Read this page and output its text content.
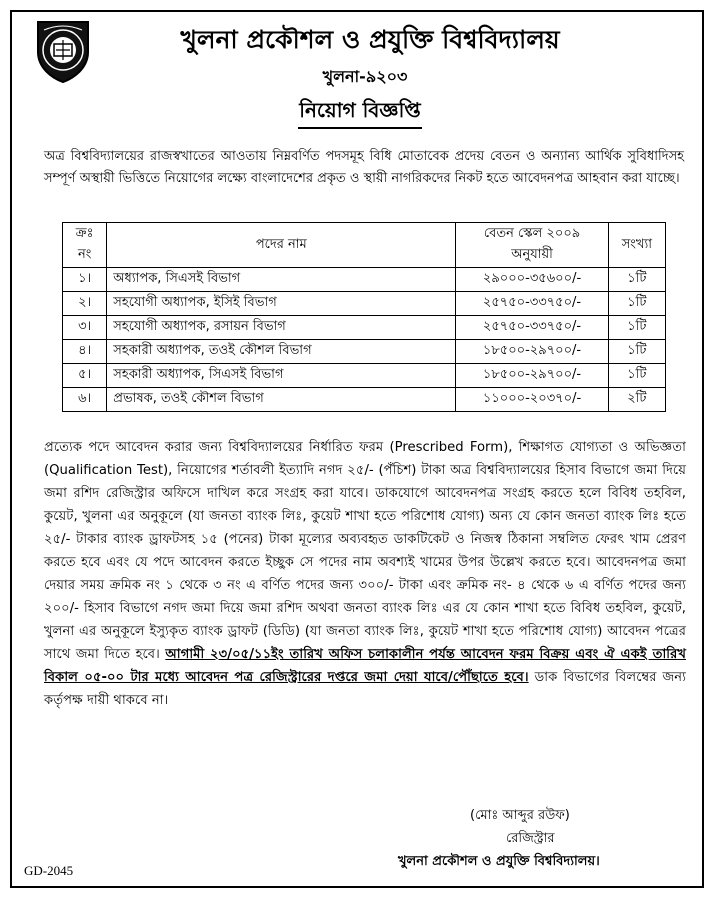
খুলনা প্রকৌশল ও প্রযুক্তি বিশ্ববিদ্যালয়
খুলনা-৯২০৩
নিয়োগ বিজ্ঞপ্তি
অত্র বিশ্ববিদ্যালয়ের রাজস্বখাতের আওতায় নিম্নবর্ণিত পদসমূহ বিধি মোতাবেক প্রদেয় বেতন ও অন্যান্য আর্থিক সুবিধাদিসহ সম্পূর্ণ অস্থায়ী ভিত্তিতে নিয়োগের লক্ষ্যে বাংলাদেশের প্রকৃত ও স্থায়ী নাগরিকদের নিকট হতে আবেদনপত্র আহবান করা যাচ্ছে।
ক্রঃ নং	পদের নাম	বেতন স্কেল ২০০৯ অনুযায়ী	সংখ্যা
১।	অধ্যাপক, সিএসই বিভাগ	২৯০০০-৩৫৬০০/-	১টি
২।	সহযোগী অধ্যাপক, ইসিই বিভাগ	২৫৭৫০-৩৩৭৫০/-	১টি
৩।	সহযোগী অধ্যাপক, রসায়ন বিভাগ	২৫৭৫০-৩৩৭৫০/-	১টি
৪।	সহকারী অধ্যাপক, তওই কৌশল বিভাগ	১৮৫০০-২৯৭০০/-	১টি
৫।	সহকারী অধ্যাপক, সিএসই বিভাগ	১৮৫০০-২৯৭০০/-	১টি
৬।	প্রভাষক, তওই কৌশল বিভাগ	১১০০০-২০৩৭০/-	২টি
প্রত্যেক পদে আবেদন করার জন্য বিশ্ববিদ্যালয়ের নির্ধারিত ফরম (Prescribed Form), শিক্ষাগত যোগ্যতা ও অভিজ্ঞতা (Qualification Test), নিয়োগের শর্তাবলী ইত্যাদি নগদ ২৫/- (পঁচিশ) টাকা অত্র বিশ্ববিদ্যালয়ের হিসাব বিভাগে জমা দিয়ে জমা রশিদ রেজিস্ট্রার অফিসে দাখিল করে সংগ্রহ করা যাবে। ডাকযোগে আবেদনপত্র সংগ্রহ করতে হলে বিবিধ তহবিল, কুয়েট, খুলনা এর অনুকূলে (যা জনতা ব্যাংক লিঃ, কুয়েট শাখা হতে পরিশোধ যোগ্য) অন্য যে কোন জনতা ব্যাংক লিঃ হতে ২৫/- টাকার ব্যাংক ড্রাফটসহ ১৫ (পনের) টাকা মূল্যের অব্যবহৃত ডাকটিকেট ও নিজস্ব ঠিকানা সম্বলিত ফেরৎ খাম প্রেরণ করতে হবে এবং যে পদে আবেদন করতে ইচ্ছুক সে পদের নাম অবশ্যই খামের উপর উল্লেখ করতে হবে। আবেদনপত্র জমা দেয়ার সময় ক্রমিক নং ১ থেকে ৩ নং এ বর্ণিত পদের জন্য ৩০০/- টাকা এবং ক্রমিক নং- ৪ থেকে ৬ এ বর্ণিত পদের জন্য ২০০/- হিসাব বিভাগে নগদ জমা দিয়ে জমা রশিদ অথবা জনতা ব্যাংক লিঃ এর যে কোন শাখা হতে বিবিধ তহবিল, কুয়েট, খুলনা এর অনুকূলে ইস্যুকৃত ব্যাংক ড্রাফট (ডিডি) (যা জনতা ব্যাংক লিঃ, কুয়েট শাখা হতে পরিশোধ যোগ্য) আবেদন পত্রের সাথে জমা দিতে হবে। আগামী ২৩/০৫/১১ইং তারিখ অফিস চলাকালীন পর্যন্ত আবেদন ফরম বিক্রয় এবং ঐ একই তারিখ বিকাল ০৫-০০ টার মধ্যে আবেদন পত্র রেজিস্ট্রারের দপ্তরে জমা দেয়া যাবে/পৌঁছাতে হবে। ডাক বিভাগের বিলম্বের জন্য কর্তৃপক্ষ দায়ী থাকবে না।
(মোঃ আব্দুর রউফ)
রেজিস্ট্রার
খুলনা প্রকৌশল ও প্রযুক্তি বিশ্ববিদ্যালয়।
GD-2045
